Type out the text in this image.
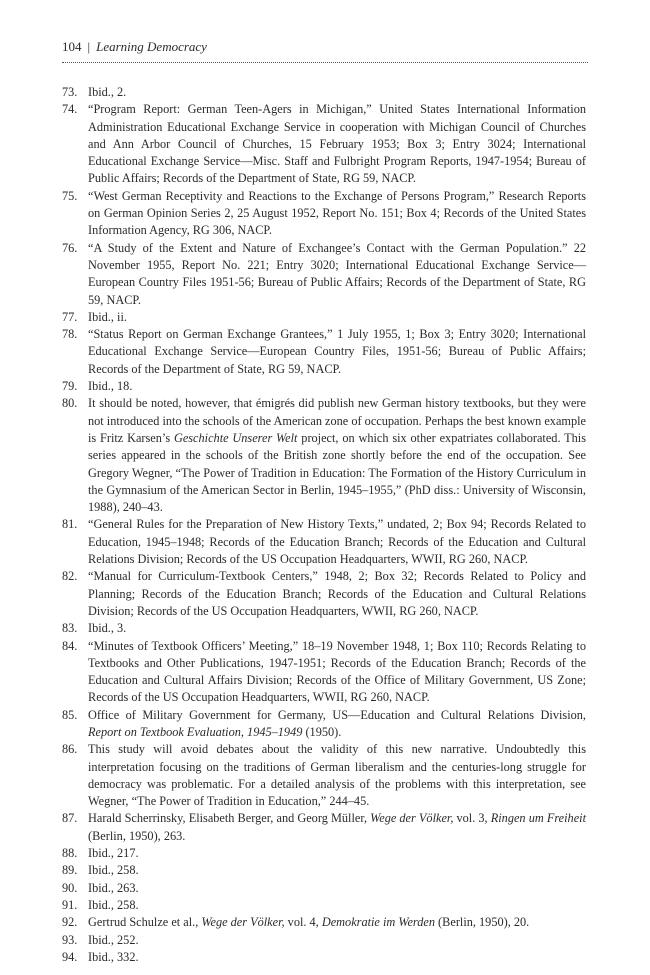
104 | Learning Democracy
73. Ibid., 2.
74. “Program Report: German Teen-Agers in Michigan,” United States International Information Administration Educational Exchange Service in cooperation with Michigan Council of Churches and Ann Arbor Council of Churches, 15 February 1953; Box 3; Entry 3024; International Educational Exchange Service—Misc. Staff and Fulbright Program Reports, 1947-1954; Bureau of Public Affairs; Records of the Department of State, RG 59, NACP.
75. “West German Receptivity and Reactions to the Exchange of Persons Program,” Research Reports on German Opinion Series 2, 25 August 1952, Report No. 151; Box 4; Records of the United States Information Agency, RG 306, NACP.
76. “A Study of the Extent and Nature of Exchangee’s Contact with the German Population.” 22 November 1955, Report No. 221; Entry 3020; International Educational Exchange Service—European Country Files 1951-56; Bureau of Public Affairs; Records of the Department of State, RG 59, NACP.
77. Ibid., ii.
78. “Status Report on German Exchange Grantees,” 1 July 1955, 1; Box 3; Entry 3020; International Educational Exchange Service—European Country Files, 1951-56; Bureau of Public Affairs; Records of the Department of State, RG 59, NACP.
79. Ibid., 18.
80. It should be noted, however, that émigrés did publish new German history textbooks, but they were not introduced into the schools of the American zone of occupation. Perhaps the best known example is Fritz Karsen’s Geschichte Unserer Welt project, on which six other expatriates collaborated. This series appeared in the schools of the British zone shortly before the end of the occupation. See Gregory Wegner, “The Power of Tradition in Education: The Formation of the History Curriculum in the Gymnasium of the American Sector in Berlin, 1945–1955,” (PhD diss.: University of Wisconsin, 1988), 240–43.
81. “General Rules for the Preparation of New History Texts,” undated, 2; Box 94; Records Related to Education, 1945–1948; Records of the Education Branch; Records of the Education and Cultural Relations Division; Records of the US Occupation Headquarters, WWII, RG 260, NACP.
82. “Manual for Curriculum-Textbook Centers,” 1948, 2; Box 32; Records Related to Policy and Planning; Records of the Education Branch; Records of the Education and Cultural Relations Division; Records of the US Occupation Headquarters, WWII, RG 260, NACP.
83. Ibid., 3.
84. “Minutes of Textbook Officers’ Meeting,” 18–19 November 1948, 1; Box 110; Records Relating to Textbooks and Other Publications, 1947-1951; Records of the Education Branch; Records of the Education and Cultural Affairs Division; Records of the Office of Military Government, US Zone; Records of the US Occupation Headquarters, WWII, RG 260, NACP.
85. Office of Military Government for Germany, US—Education and Cultural Relations Division, Report on Textbook Evaluation, 1945–1949 (1950).
86. This study will avoid debates about the validity of this new narrative. Undoubtedly this interpretation focusing on the traditions of German liberalism and the centuries-long struggle for democracy was problematic. For a detailed analysis of the problems with this interpretation, see Wegner, “The Power of Tradition in Education,” 244–45.
87. Harald Scherrinsky, Elisabeth Berger, and Georg Müller, Wege der Völker, vol. 3, Ringen um Freiheit (Berlin, 1950), 263.
88. Ibid., 217.
89. Ibid., 258.
90. Ibid., 263.
91. Ibid., 258.
92. Gertrud Schulze et al., Wege der Völker, vol. 4, Demokratie im Werden (Berlin, 1950), 20.
93. Ibid., 252.
94. Ibid., 332.
